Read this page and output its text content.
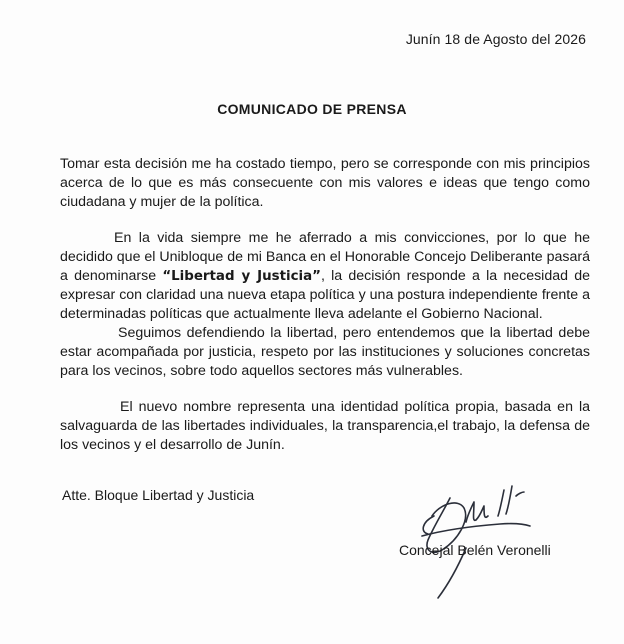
Junín 18 de Agosto del 2026
COMUNICADO DE PRENSA

Tomar esta decisión me ha costado tiempo, pero se corresponde con mis principios acerca de lo que es más consecuente con mis valores e ideas que tengo como ciudadana y mujer de la política.

En la vida siempre me he aferrado a mis convicciones, por lo que he decidido que el Unibloque de mi Banca en el Honorable Concejo Deliberante pasará a denominarse “Libertad y Justicia”, la decisión responde a la necesidad de expresar con claridad una nueva etapa política y una postura independiente frente a determinadas políticas que actualmente lleva adelante el Gobierno Nacional.

Seguimos defendiendo la libertad, pero entendemos que la libertad debe estar acompañada por justicia, respeto por las instituciones y soluciones concretas para los vecinos, sobre todo aquellos sectores más vulnerables.

El nuevo nombre representa una identidad política propia, basada en la salvaguarda de las libertades individuales, la transparencia,el trabajo, la defensa de los vecinos y el desarrollo de Junín.

Atte. Bloque Libertad y Justicia
Concejal Belén Veronelli
